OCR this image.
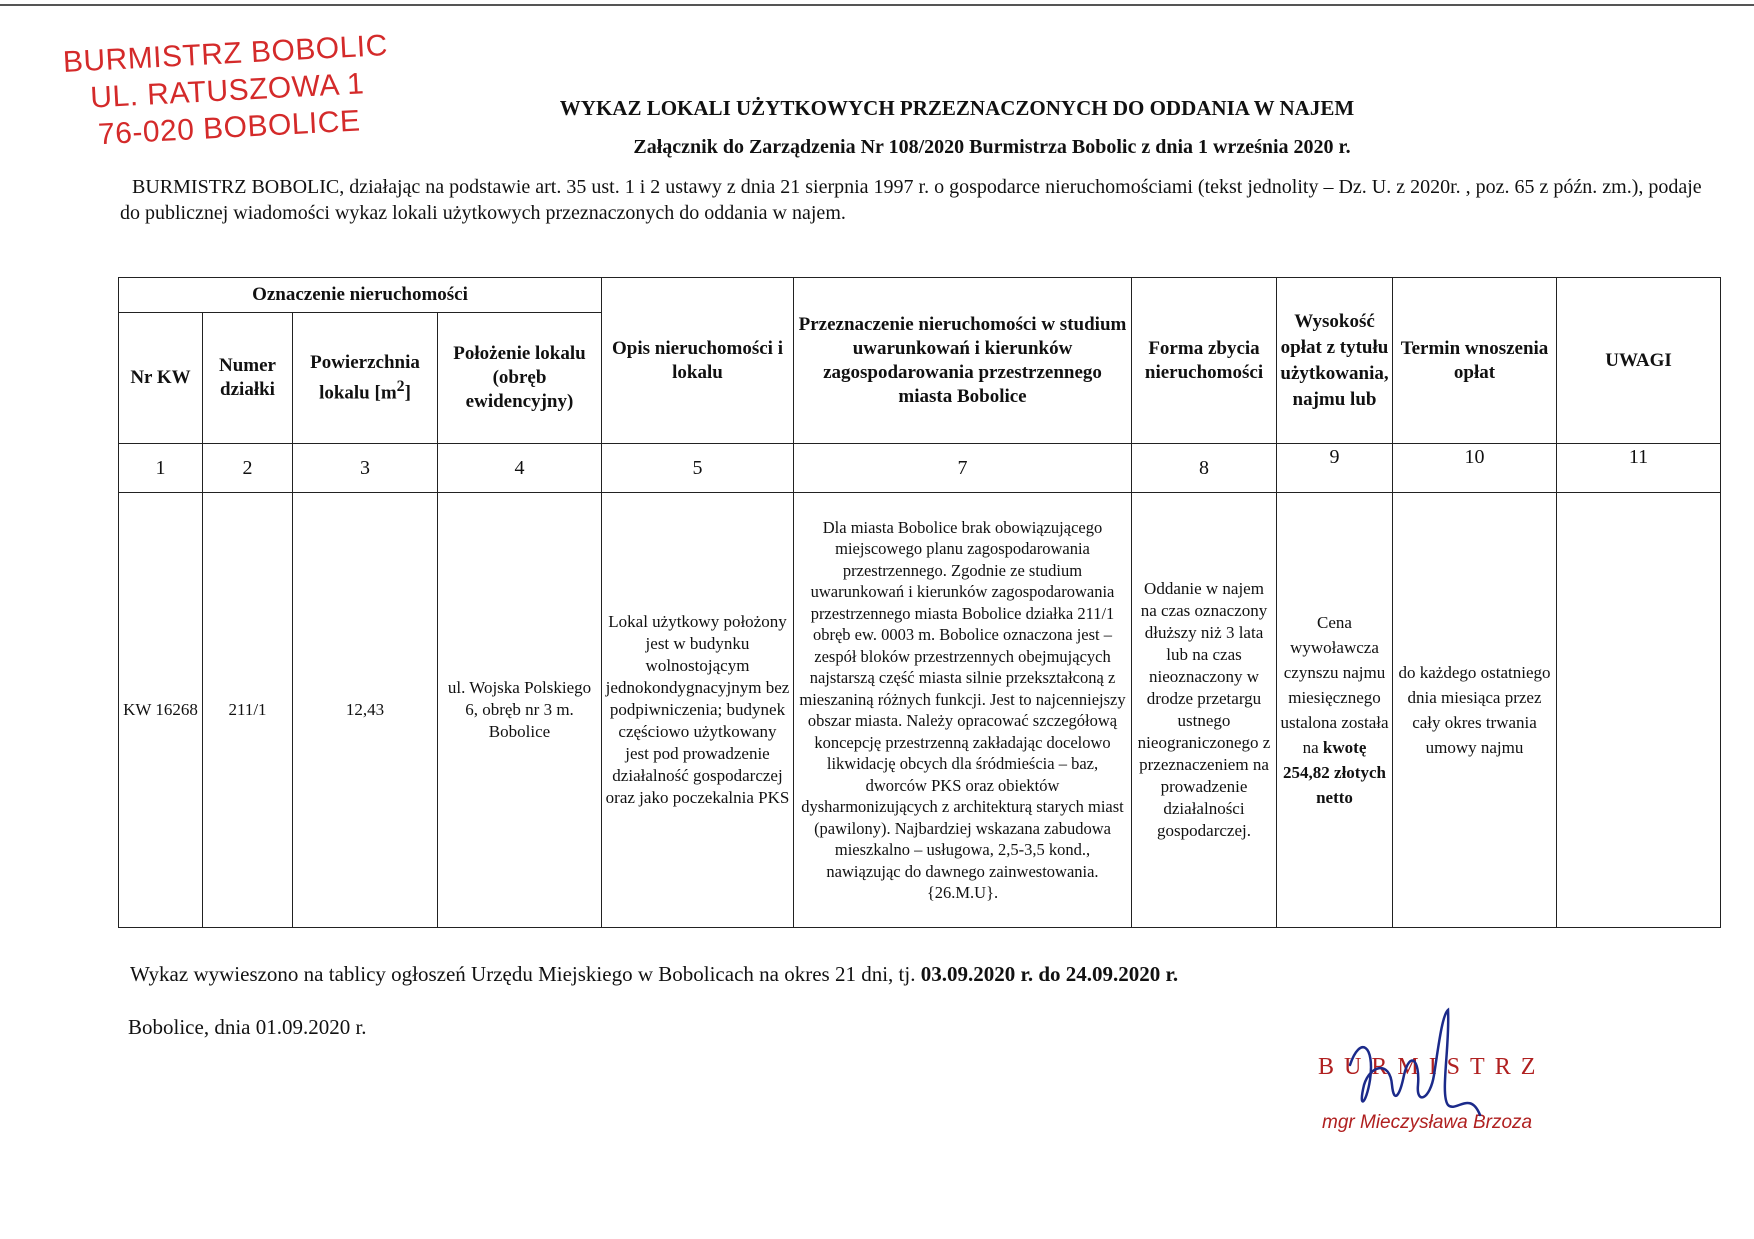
BURMISTRZ BOBOLIC
UL. RATUSZOWA 1
76-020 BOBOLICE	WYKAZ LOKALI UŻYTKOWYCH PRZEZNACZONYCH DO ODDANIA W NAJEM
Załącznik do Zarządzenia Nr 108/2020 Burmistrza Bobolic z dnia 1 września 2020 r.
BURMISTRZ BOBOLIC, działając na podstawie art. 35 ust. 1 i 2 ustawy z dnia 21 sierpnia 1997 r. o gospodarce nieruchomościami (tekst jednolity – Dz. U. z 2020r. , poz. 65 z późn. zm.), podaje do publicznej wiadomości wykaz lokali użytkowych przeznaczonych do oddania w najem.
Oznaczenie nieruchomości				Opis nieruchomości i lokalu	Przeznaczenie nieruchomości w studium uwarunkowań i kierunków zagospodarowania przestrzennego miasta Bobolice	Forma zbycia nieruchomości	Wysokość opłat z tytułu użytkowania, najmu lub	Termin wnoszenia opłat	UWAGI
Nr KW	Numer działki	Powierzchnia lokalu $[m^2]$	Położenie lokalu (obręb ewidencyjny)						
1	2	3	4	5	7	8	9	10	11
KW 16268	211/1	12,43	ul. Wojska Polskiego 6, obręb nr 3 m. Bobolice	Lokal użytkowy położony jest w budynku wolnostojącym jednokondygnacyjnym bez podpiwniczenia; budynek częściowo użytkowany jest pod prowadzenie działalność gospodarczej oraz jako poczekalnia PKS	Dla miasta Bobolice brak obowiązującego miejscowego planu zagospodarowania przestrzennego. Zgodnie ze studium uwarunkowań i kierunków zagospodarowania przestrzennego miasta Bobolice działka 211/1 obręb ew. 0003 m. Bobolice oznaczona jest – zespół bloków przestrzennych obejmujących najstarszą część miasta silnie przekształconą z mieszaniną różnych funkcji. Jest to najcenniejszy obszar miasta. Należy opracować szczegółową koncepcję przestrzenną zakładając docelowo likwidację obcych dla śródmieścia – baz, dworców PKS oraz obiektów dysharmonizujących z architekturą starych miast (pawilony). Najbardziej wskazana zabudowa mieszkalno – usługowa, 2,5-3,5 kond., nawiązując do dawnego zainwestowania. {26.M.U}.	Oddanie w najem na czas oznaczony dłuższy niż 3 lata lub na czas nieoznaczony w drodze przetargu ustnego nieograniczonego z przeznaczeniem na prowadzenie działalności gospodarczej.	Cena wywoławcza czynszu najmu miesięcznego ustalona została na kwotę 254,82 złotych netto	do każdego ostatniego dnia miesiąca przez cały okres trwania umowy najmu	
Wykaz wywieszono na tablicy ogłoszeń Urzędu Miejskiego w Bobolicach na okres 21 dni, tj. 03.09.2020 r. do 24.09.2020 r.
Bobolice, dnia 01.09.2020 r.
BURMISTRZ
mgr Mieczysława Brzoza
